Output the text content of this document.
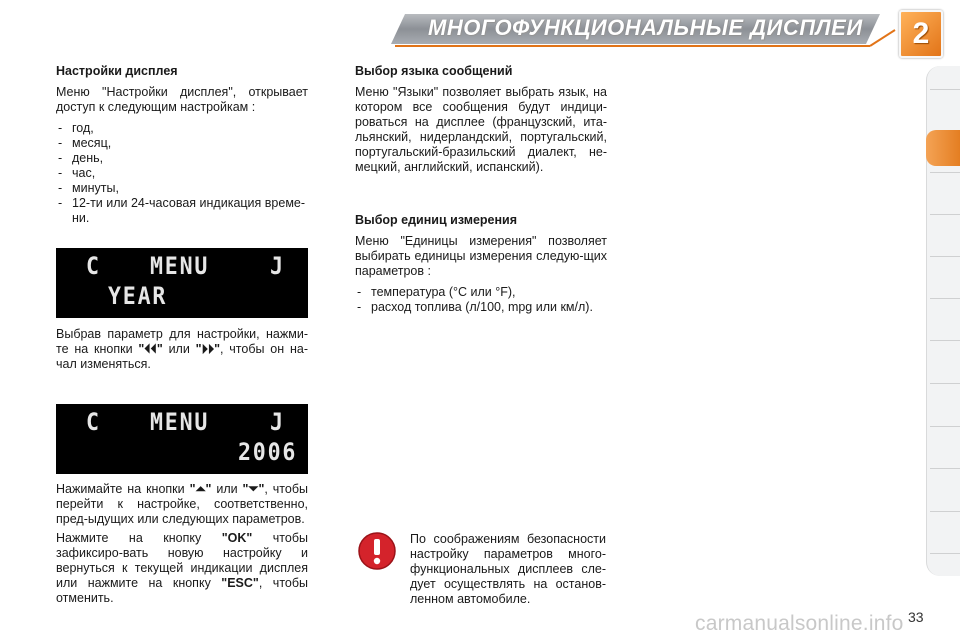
МНОГОФУНКЦИОНАЛЬНЫЕ ДИСПЛЕИ	2
Настройки дисплея

Меню "Настройки дисплея", открывает доступ к следующим настройкам :

- год,
- месяц,
- день,
- час,
- минуты,
- 12-ти или 24-часовая индикация време-ни.
C MENU	J
YEAR

Выбрав параметр для настройки, нажми-те на кнопки "⏴⏴" или "⏵⏵", чтобы он на-чал изменяться.

C MENU	J
2006

Нажимайте на кнопки "⏶" или "⏷", чтобы перейти к настройке, соответственно, пред-ыдущих или следующих параметров.

Нажмите на кнопку "OK" чтобы зафиксиро-вать новую настройку и вернуться к текущей индикации дисплея или нажмите на кнопку "ESC", чтобы отменить.

Выбор языка сообщений

Меню "Языки" позволяет выбрать язык, на котором все сообщения будут индици-роваться на дисплее (французский, ита-льянский, нидерландский, португальский, португальский-бразильский диалект, не-мецкий, английский, испанский).

Выбор единиц измерения

Меню "Единицы измерения" позволяет выбирать единицы измерения следую-щих параметров :

- температура (°C или °F),
- расход топлива (л/100, mpg или км/л).
По соображениям безопасности настройку параметров много-функциональных дисплеев сле-дует осуществлять на останов-ленном автомобиле.
carmanualsonline.info 33
